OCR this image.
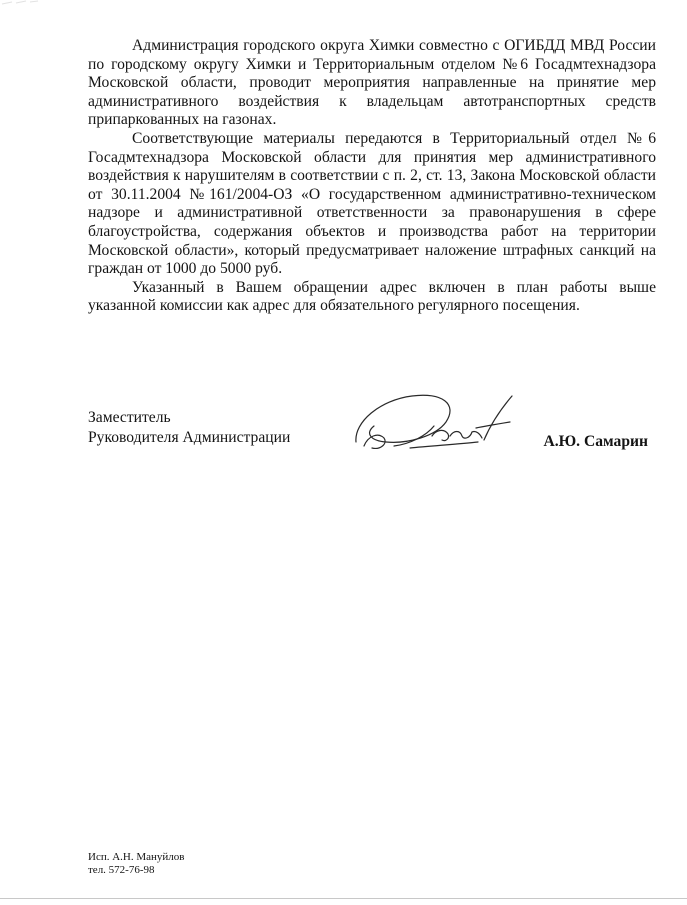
Администрация городского округа Химки совместно с ОГИБДД МВД России по городскому округу Химки и Территориальным отделом №6 Госадмтехнадзора Московской области, проводит мероприятия направленные на принятие мер административного воздействия к владельцам автотранспортных средств припаркованных на газонах.

Соответствующие материалы передаются в Территориальный отдел №6 Госадмтехнадзора Московской области для принятия мер административного воздействия к нарушителям в соответствии с п. 2, ст. 13, Закона Московской области от 30.11.2004 №161/2004-ОЗ «О государственном административно-техническом надзоре и административной ответственности за правонарушения в сфере благоустройства, содержания объектов и производства работ на территории Московской области», который предусматривает наложение штрафных санкций на граждан от 1000 до 5000 руб.

Указанный в Вашем обращении адрес включен в план работы выше указанной комиссии как адрес для обязательного регулярного посещения.

Заместитель
Руководителя Администрации	А.Ю. Самарин
Исп. А.Н. Мануйлов
тел. 572-76-98
